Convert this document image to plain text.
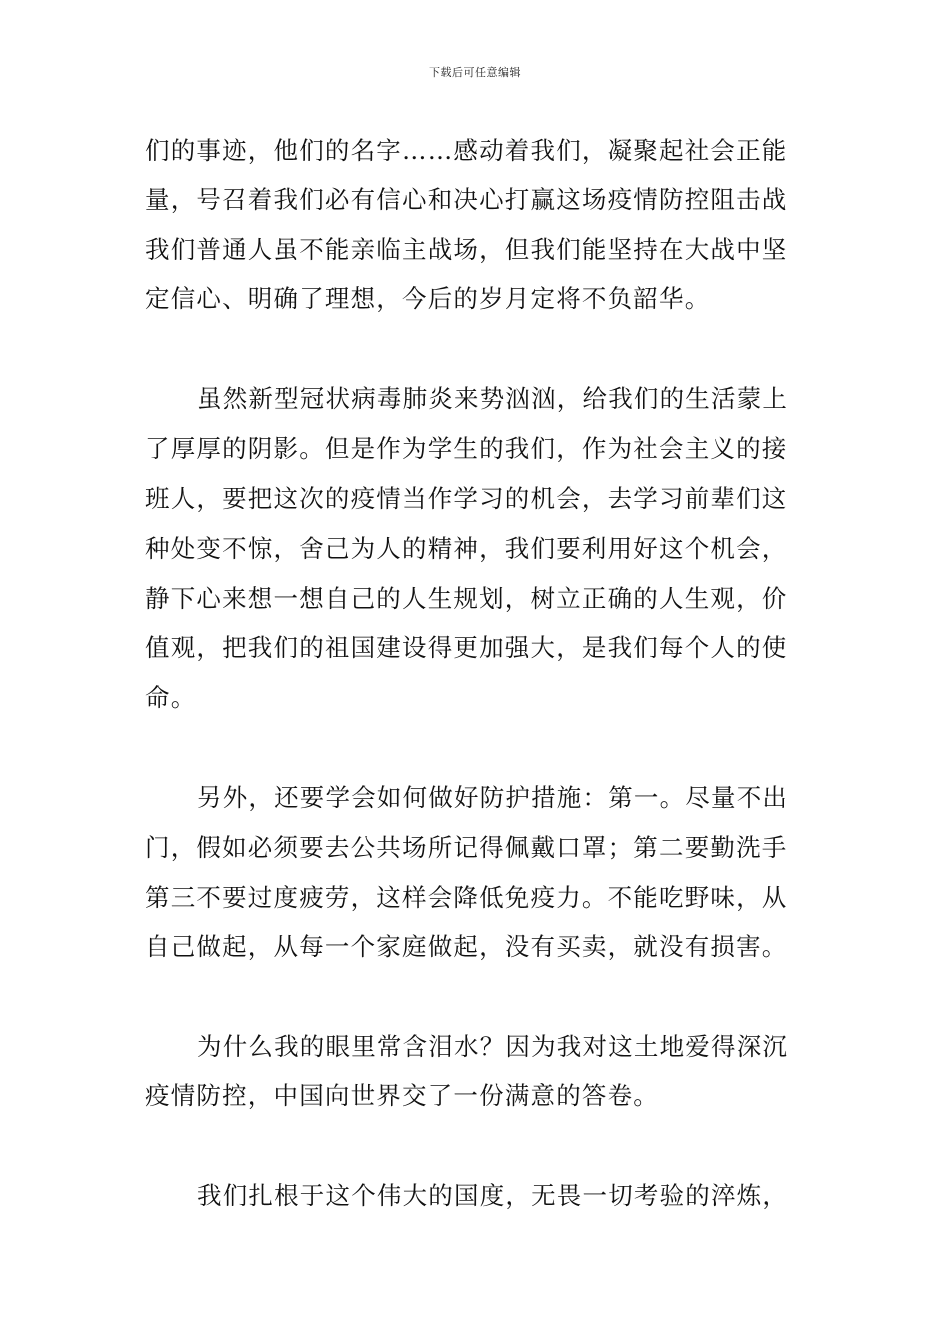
下载后可任意编辑
们的事迹，他们的名字……感动着我们，凝聚起社会正能
量，号召着我们必有信心和决心打赢这场疫情防控阻击战
我们普通人虽不能亲临主战场，但我们能坚持在大战中坚
定信心、明确了理想，今后的岁月定将不负韶华。
虽然新型冠状病毒肺炎来势汹汹，给我们的生活蒙上
了厚厚的阴影。但是作为学生的我们，作为社会主义的接
班人，要把这次的疫情当作学习的机会，去学习前辈们这
种处变不惊，舍己为人的精神，我们要利用好这个机会，
静下心来想一想自己的人生规划，树立正确的人生观，价
值观，把我们的祖国建设得更加强大，是我们每个人的使
命。
另外，还要学会如何做好防护措施：第一。尽量不出
门，假如必须要去公共场所记得佩戴口罩；第二要勤洗手
第三不要过度疲劳，这样会降低免疫力。不能吃野味，从
自己做起，从每一个家庭做起，没有买卖，就没有损害。
为什么我的眼里常含泪水？因为我对这土地爱得深沉
疫情防控，中国向世界交了一份满意的答卷。
我们扎根于这个伟大的国度，无畏一切考验的淬炼，
